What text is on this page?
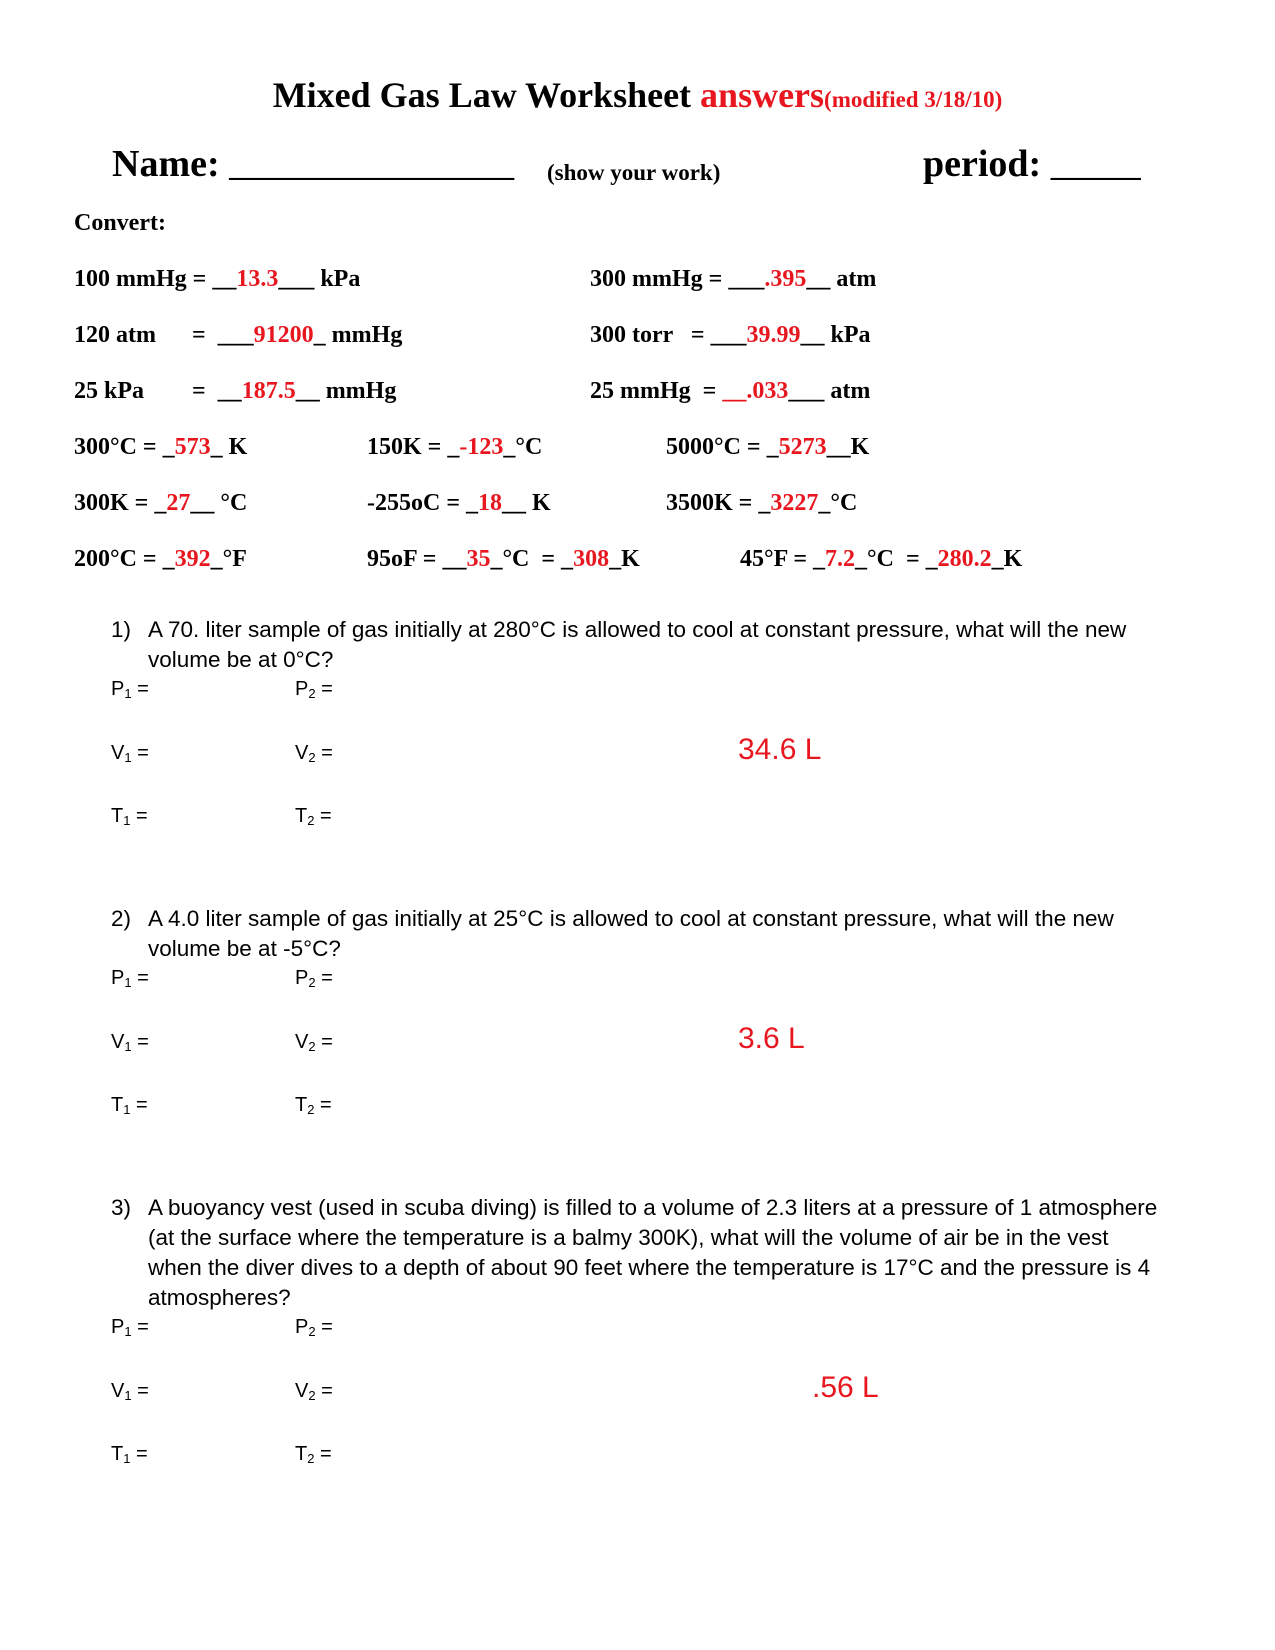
Mixed Gas Law Worksheet answers(modified 3/18/10)
Name: ___________________ (show your work)	period: ______
Convert:
100 mmHg = __13.3___ kPa	300 mmHg = ___.395__ atm
120 atm      =  ___91200_ mmHg	300 torr   = ___39.99__ kPa
25 kPa        =  __187.5__ mmHg	25 mmHg  = __.033___ atm
300°C = _573_ K	150K = _-123_°C	5000°C = _5273__K
300K = _27__ °C	-255oC = _18__ K	3500K = _3227_°C
200°C = _392_°F	95oF = __35_°C  = _308_K	45°F = _7.2_°C  = _280.2_K
1) A 70. liter sample of gas initially at 280°C is allowed to cool at constant pressure, what will the new
volume be at 0°C?
$P_1$ =	$P_2$ =
$V_1$ =	$V_2$ =	34.6 L
$T_1$ =	$T_2$ =
2) A 4.0 liter sample of gas initially at 25°C is allowed to cool at constant pressure, what will the new
volume be at -5°C?
$P_1$ =	$P_2$ =
$V_1$ =	$V_2$ =	3.6 L
$T_1$ =	$T_2$ =
3) A buoyancy vest (used in scuba diving) is filled to a volume of 2.3 liters at a pressure of 1 atmosphere
(at the surface where the temperature is a balmy 300K), what will the volume of air be in the vest
when the diver dives to a depth of about 90 feet where the temperature is 17°C and the pressure is 4
atmospheres?
$P_1$ =	$P_2$ =
$V_1$ =	$V_2$ =	.56 L
$T_1$ =	$T_2$ =
